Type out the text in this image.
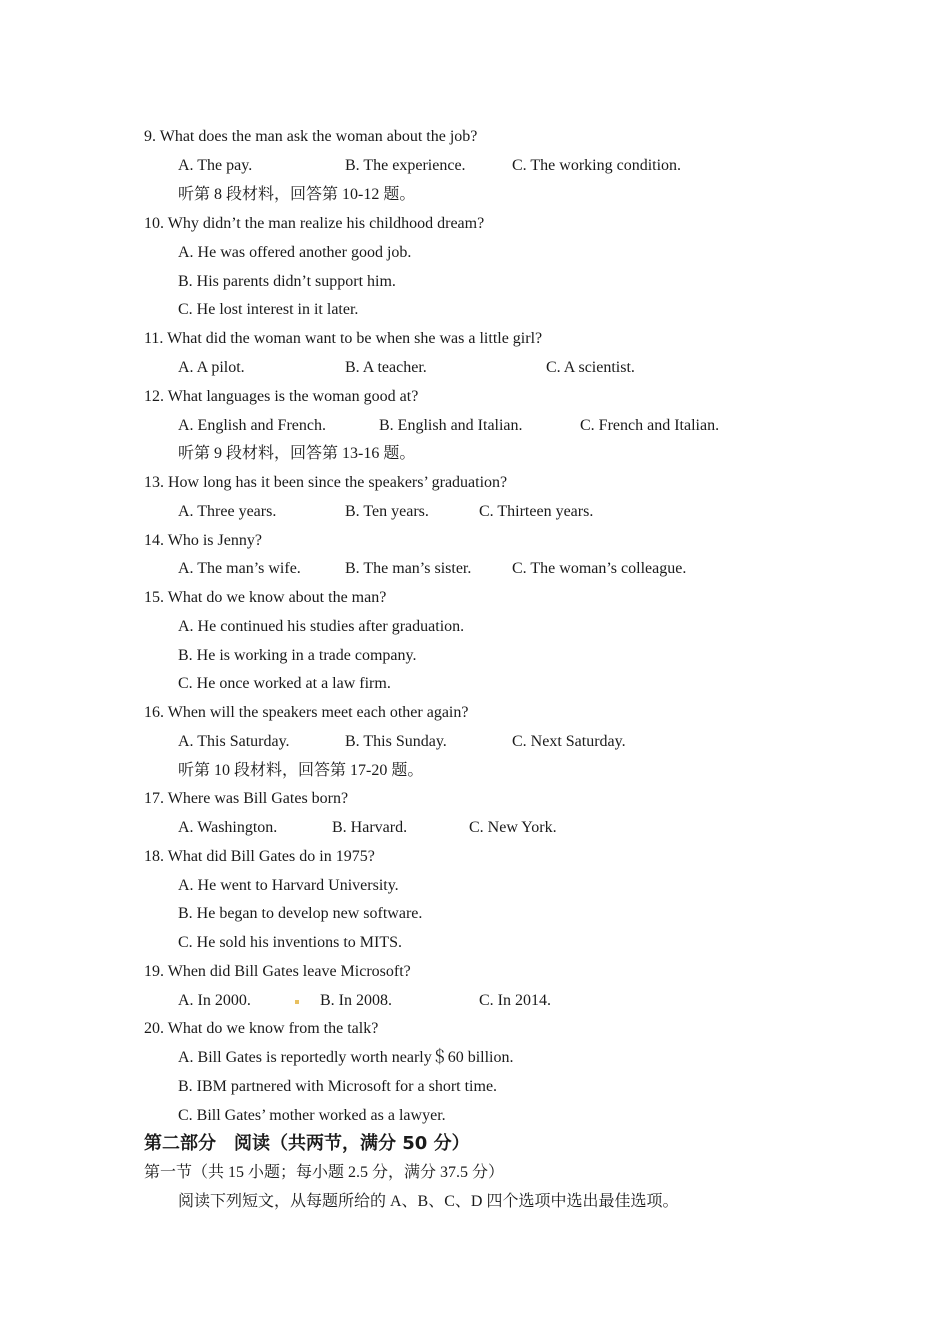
9. What does the man ask the woman about the job?
A. The pay.	B. The experience.	C. The working condition.
听第 8 段材料，回答第 10-12 题。
10. Why didn’t the man realize his childhood dream?
A. He was offered another good job.
B. His parents didn’t support him.
C. He lost interest in it later.
11. What did the woman want to be when she was a little girl?
A. A pilot.	B. A teacher.	C. A scientist.
12. What languages is the woman good at?
A. English and French.	B. English and Italian.	C. French and Italian.
听第 9 段材料，回答第 13-16 题。
13. How long has it been since the speakers’ graduation?
A. Three years.	B. Ten years.	C. Thirteen years.
14. Who is Jenny?
A. The man’s wife.	B. The man’s sister.	C. The woman’s colleague.
15. What do we know about the man?
A. He continued his studies after graduation.
B. He is working in a trade company.
C. He once worked at a law firm.
16. When will the speakers meet each other again?
A. This Saturday.	B. This Sunday.	C. Next Saturday.
听第 10 段材料，回答第 17-20 题。
17. Where was Bill Gates born?
A. Washington.	B. Harvard.	C. New York.
18. What did Bill Gates do in 1975?
A. He went to Harvard University.
B. He began to develop new software.
C. He sold his inventions to MITS.
19. When did Bill Gates leave Microsoft?
A. In 2000.	B. In 2008.	C. In 2014.
20. What do we know from the talk?
A. Bill Gates is reportedly worth nearly＄60 billion.
B. IBM partnered with Microsoft for a short time.
C. Bill Gates’ mother worked as a lawyer.
第二部分 阅读（共两节，满分 50 分）
第一节（共 15 小题；每小题 2.5 分，满分 37.5 分）
阅读下列短文，从每题所给的 A、B、C、D 四个选项中选出最佳选项。
